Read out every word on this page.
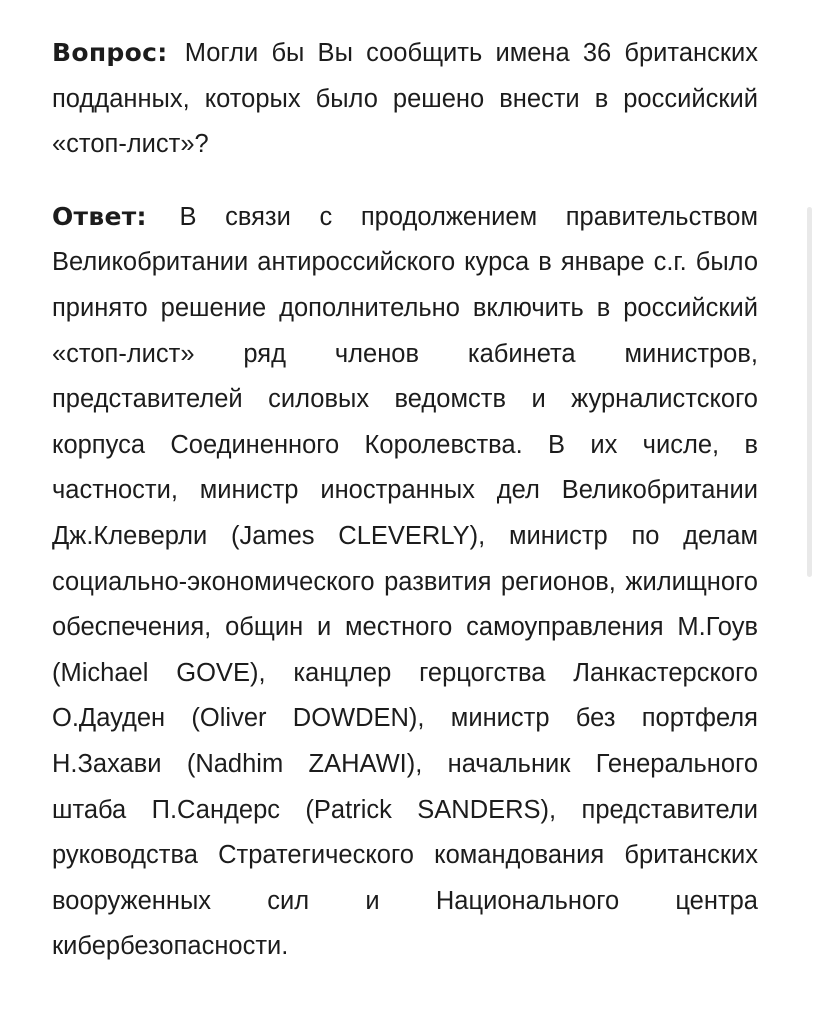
Вопрос: Могли бы Вы сообщить имена 36 британских подданных, которых было решено внести в российский «стоп-лист»?

Ответ: В связи с продолжением правительством Великобритании антироссийского курса в январе с.г. было принято решение дополнительно включить в российский «стоп-лист» ряд членов кабинета министров, представителей силовых ведомств и журналистского корпуса Соединенного Королевства. В их числе, в частности, министр иностранных дел Великобритании Дж.Клеверли (James CLEVERLY), министр по делам социально-экономического развития регионов, жилищного обеспечения, общин и местного самоуправления М.Гоув (Michael GOVE), канцлер герцогства Ланкастерского О.Дауден (Oliver DOWDEN), министр без портфеля Н.Захави (Nadhim ZAHAWI), начальник Генерального штаба П.Сандерс (Patrick SANDERS), представители руководства Стратегического командования британских вооруженных сил и Национального центра кибербезопасности.
